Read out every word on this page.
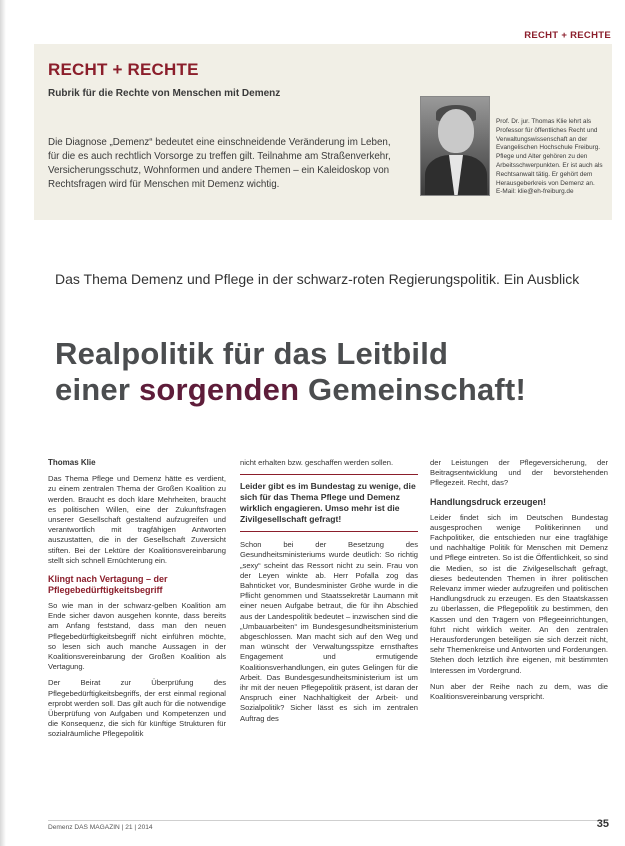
RECHT + RECHTE
RECHT + RECHTE
Rubrik für die Rechte von Menschen mit Demenz
Die Diagnose „Demenz“ bedeutet eine einschneidende Veränderung im Leben, für die es auch rechtlich Vorsorge zu treffen gilt. Teilnahme am Straßenverkehr, Versicherungsschutz, Wohnformen und andere Themen – ein Kaleidoskop von Rechtsfragen wird für Menschen mit Demenz wichtig.
Prof. Dr. jur. Thomas Klie lehrt als Professor für öffentliches Recht und Verwaltungswissenschaft an der Evangelischen Hochschule Freiburg. Pflege und Alter gehören zu den Arbeitsschwerpunkten. Er ist auch als Rechtsanwalt tätig. Er gehört dem Herausgeberkreis von Demenz an.
E-Mail: klie@eh-freiburg.de
Das Thema Demenz und Pflege in der schwarz-roten Regierungspolitik. Ein Ausblick
Realpolitik für das Leitbild
einer sorgenden Gemeinschaft!
Thomas Klie

Das Thema Pflege und Demenz hätte es verdient, zu einem zentralen Thema der Großen Koalition zu werden. Braucht es doch klare Mehrheiten, braucht es politischen Willen, eine der Zukunftsfragen unserer Gesellschaft gestaltend aufzugreifen und verantwortlich mit tragfähigen Antworten auszustatten, die in der Gesellschaft Zuversicht stiften. Bei der Lektüre der Koalitionsvereinbarung stellt sich schnell Ernüchterung ein.

Klingt nach Vertagung – der Pflegebedürftigkeitsbegriff

So wie man in der schwarz-gelben Koalition am Ende sicher davon ausgehen konnte, dass bereits am Anfang feststand, dass man den neuen Pflegebedürftigkeitsbegriff nicht einführen möchte, so lesen sich auch manche Aussagen in der Koalitionsvereinbarung der Großen Koalition als Vertagung.

Der Beirat zur Überprüfung des Pflegebedürftigkeitsbegriffs, der erst einmal regional erprobt werden soll. Das gilt auch für die notwendige Überprüfung von Aufgaben und Kompetenzen und die Konsequenz, die sich für künftige Strukturen für sozialräumliche Pflegepolitik

nicht erhalten bzw. geschaffen werden sollen.

Leider gibt es im Bundestag zu wenige, die sich für das Thema Pflege und Demenz wirklich engagieren. Umso mehr ist die Zivilgesellschaft gefragt!

Schon bei der Besetzung des Gesundheitsministeriums wurde deutlich: So richtig „sexy“ scheint das Ressort nicht zu sein. Frau von der Leyen winkte ab. Herr Pofalla zog das Bahnticket vor, Bundesminister Gröhe wurde in die Pflicht genommen und Staatssekretär Laumann mit einer neuen Aufgabe betraut, die für ihn Abschied aus der Landespolitik bedeutet – inzwischen sind die „Umbauarbeiten“ im Bundesgesundheitsministerium abgeschlossen. Man macht sich auf den Weg und man wünscht der Verwaltungsspitze ernsthaftes Engagement und ermutigende Koalitionsverhandlungen, ein gutes Gelingen für die Arbeit. Das Bundesgesundheitsministerium ist um ihr mit der neuen Pflegepolitik präsent, ist daran der Anspruch einer Nachhaltigkeit der Arbeit- und Sozialpolitik? Sicher lässt es sich im zentralen Auftrag des

der Leistungen der Pflegeversicherung, der Beitragsentwicklung und der bevorstehenden Pflegezeit. Recht, das?

Handlungsdruck erzeugen!

Leider findet sich im Deutschen Bundestag ausgesprochen wenige Politikerinnen und Fachpolitiker, die entschieden nur eine tragfähige und nachhaltige Politik für Menschen mit Demenz und Pflege eintreten. So ist die Öffentlichkeit, so sind die Medien, so ist die Zivilgesellschaft gefragt, dieses bedeutenden Themen in ihrer politischen Relevanz immer wieder aufzugreifen und politischen Handlungsdruck zu erzeugen. Es den Staatskassen zu überlassen, die Pflegepolitik zu bestimmen, den Kassen und den Trägern von Pflegeeinrichtungen, führt nicht wirklich weiter. An den zentralen Herausforderungen beteiligen sie sich derzeit nicht, sehr Themenkreise und Antworten und Forderungen. Stehen doch letztlich ihre eigenen, mit bestimmten Interessen im Vordergrund.

Nun aber der Reihe nach zu dem, was die Koalitionsvereinbarung verspricht.

Demenz DAS MAGAZIN | 21 | 2014	35
